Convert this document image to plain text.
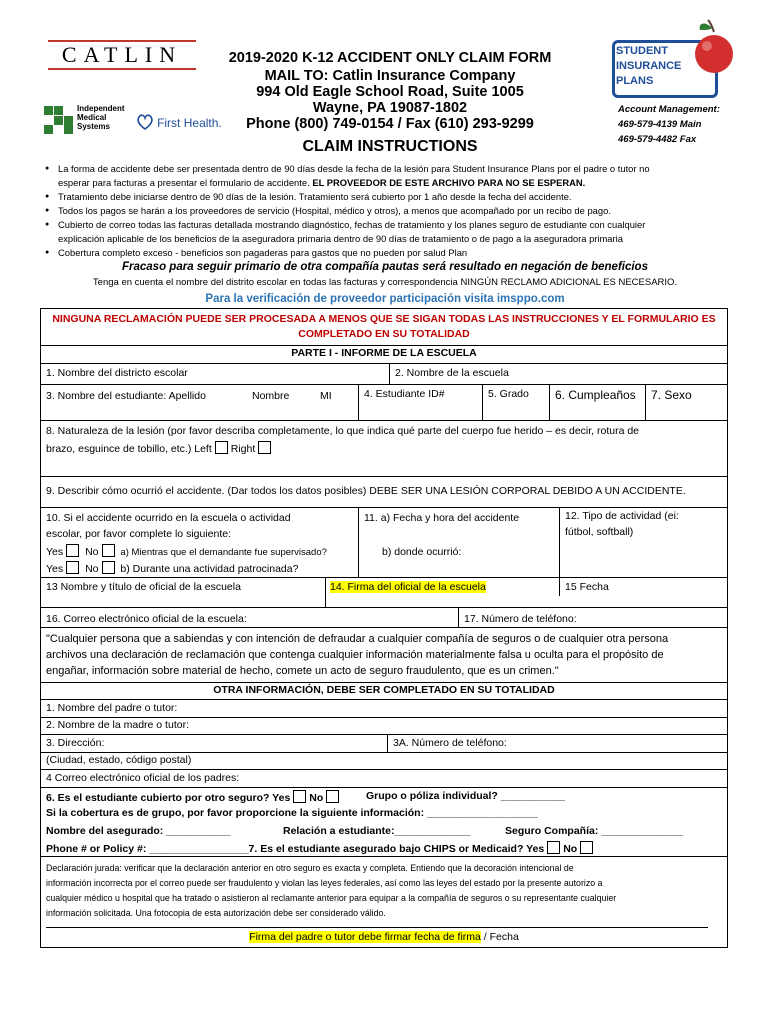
CATLIN
Independent Medical Systems	First Health.
2019-2020 K-12 ACCIDENT ONLY CLAIM FORM
MAIL TO: Catlin Insurance Company
994 Old Eagle School Road, Suite 1005
Wayne, PA 19087-1802
Phone (800) 749-0154 / Fax (610) 293-9299
CLAIM INSTRUCTIONS
STUDENT INSURANCE PLANS
Account Management:
469-579-4139 Main
469-579-4482 Fax
● La forma de accidente debe ser presentada dentro de 90 días desde la fecha de la lesión para Student Insurance Plans por el padre o tutor no
esperar para facturas a presentar el formulario de accidente. EL PROVEEDOR DE ESTE ARCHIVO PARA NO SE ESPERAN.
● Tratamiento debe iniciarse dentro de 90 días de la lesión. Tratamiento será cubierto por 1 año desde la fecha del accidente.
● Todos los pagos se harán a los proveedores de servicio (Hospital, médico y otros), a menos que acompañado por un recibo de pago.
● Cubierto de correo todas las facturas detallada mostrando diagnóstico, fechas de tratamiento y los planes seguro de estudiante con cualquier
explicación aplicable de los beneficios de la aseguradora primaria dentro de 90 días de tratamiento o de pago a la aseguradora primaria
● Cobertura completo exceso - beneficios son pagaderas para gastos que no pueden por salud Plan
Fracaso para seguir primario de otra compañía pautas será resultado en negación de beneficios
Tenga en cuenta el nombre del distrito escolar en todas las facturas y correspondencia NINGÚN RECLAMO ADICIONAL ES NECESARIO.
Para la verificación de proveedor participación visita imsppo.com
NINGUNA RECLAMACIÓN PUEDE SER PROCESADA A MENOS QUE SE SIGAN TODAS LAS INSTRUCCIONES Y EL FORMULARIO ES
COMPLETADO EN SU TOTALIDAD
PARTE I - INFORME DE LA ESCUELA
1. Nombre del districto escolar	2. Nombre de la escuela
3. Nombre del estudiante: Apellido	Nombre	MI	4. Estudiante ID#	5. Grado 6. Cumpleaños 7. Sexo
8. Naturaleza de la lesión (por favor describa completamente, lo que indica qué parte del cuerpo fue herido – es decir, rotura de
brazo, esguince de tobillo, etc.) Left Right
9. Describir cómo ocurrió el accidente. (Dar todos los datos posibles) DEBE SER UNA LESIÓN CORPORAL DEBIDO A UN ACCIDENTE.
10. Si el accidente ocurrido en la escuela o actividad
escolar, por favor complete lo siguiente:
Yes No a) Mientras que el demandante fue supervisado?
Yes No b) Durante una actividad patrocinada?
11. a) Fecha y hora del accidente
b) donde ocurrió:
12. Tipo de actividad (ei:
fútbol, softball)
13 Nombre y título de oficial de la escuela	14. Firma del oficial de la escuela	15 Fecha
16. Correo electrónico oficial de la escuela:	17. Número de teléfono:
"Cualquier persona que a sabiendas y con intención de defraudar a cualquier compañía de seguros o de cualquier otra persona
archivos una declaración de reclamación que contenga cualquier información materialmente falsa u oculta para el propósito de
engañar, información sobre material de hecho, comete un acto de seguro fraudulento, que es un crimen."
OTRA INFORMACIÓN, DEBE SER COMPLETADO EN SU TOTALIDAD
1. Nombre del padre o tutor:
2. Nombre de la madre o tutor:
3. Dirección:	3A. Número de teléfono:
(Ciudad, estado, código postal)
4 Correo electrónico oficial de los padres:
6. Es el estudiante cubierto por otro seguro? Yes No	Grupo o póliza individual? ___________
Si la cobertura es de grupo, por favor proporcione la siguiente información: ___________________
Nombre del asegurado: ___________	Relación a estudiante:_____________	Seguro Compañía: ______________
Phone # or Policy #: _________________7. Es el estudiante asegurado bajo CHIPS or Medicaid? Yes No
Declaración jurada: verificar que la declaración anterior en otro seguro es exacta y completa. Entiendo que la decoración intencional de
información incorrecta por el correo puede ser fraudulento y violan las leyes federales, así como las leyes del estado por la presente autorizo a
cualquier médico u hospital que ha tratado o asistieron al reclamante anterior para equipar a la compañía de seguros o su representante cualquier
información solicitada. Una fotocopia de esta autorización debe ser considerado válido.
Firma del padre o tutor debe firmar fecha de firma / Fecha
